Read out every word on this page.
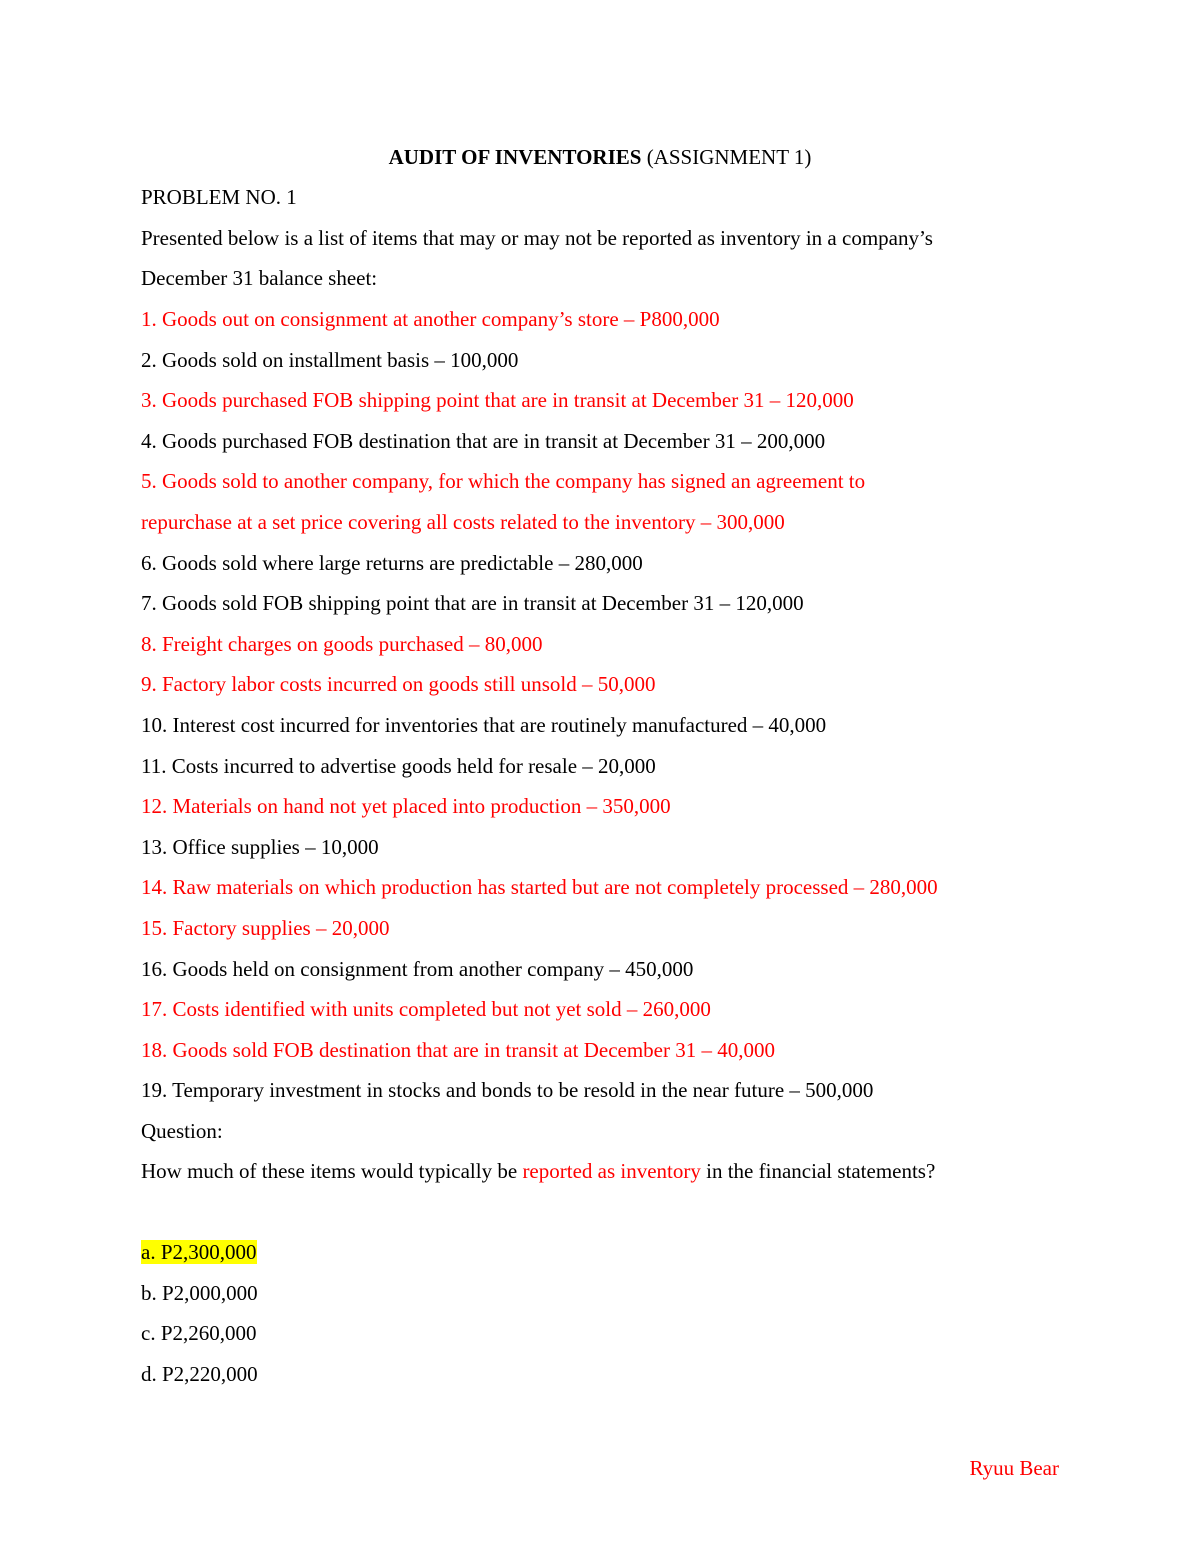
AUDIT OF INVENTORIES (ASSIGNMENT 1)
PROBLEM NO. 1
Presented below is a list of items that may or may not be reported as inventory in a company’s
December 31 balance sheet:
1. Goods out on consignment at another company’s store – P800,000
2. Goods sold on installment basis – 100,000
3. Goods purchased FOB shipping point that are in transit at December 31 – 120,000
4. Goods purchased FOB destination that are in transit at December 31 – 200,000
5. Goods sold to another company, for which the company has signed an agreement to
repurchase at a set price covering all costs related to the inventory – 300,000
6. Goods sold where large returns are predictable – 280,000
7. Goods sold FOB shipping point that are in transit at December 31 – 120,000
8. Freight charges on goods purchased – 80,000
9. Factory labor costs incurred on goods still unsold – 50,000
10. Interest cost incurred for inventories that are routinely manufactured – 40,000
11. Costs incurred to advertise goods held for resale – 20,000
12. Materials on hand not yet placed into production – 350,000
13. Office supplies – 10,000
14. Raw materials on which production has started but are not completely processed – 280,000
15. Factory supplies – 20,000
16. Goods held on consignment from another company – 450,000
17. Costs identified with units completed but not yet sold – 260,000
18. Goods sold FOB destination that are in transit at December 31 – 40,000
19. Temporary investment in stocks and bonds to be resold in the near future – 500,000
Question:
How much of these items would typically be reported as inventory in the financial statements?
a. P2,300,000
b. P2,000,000
c. P2,260,000
d. P2,220,000
Ryuu Bear
